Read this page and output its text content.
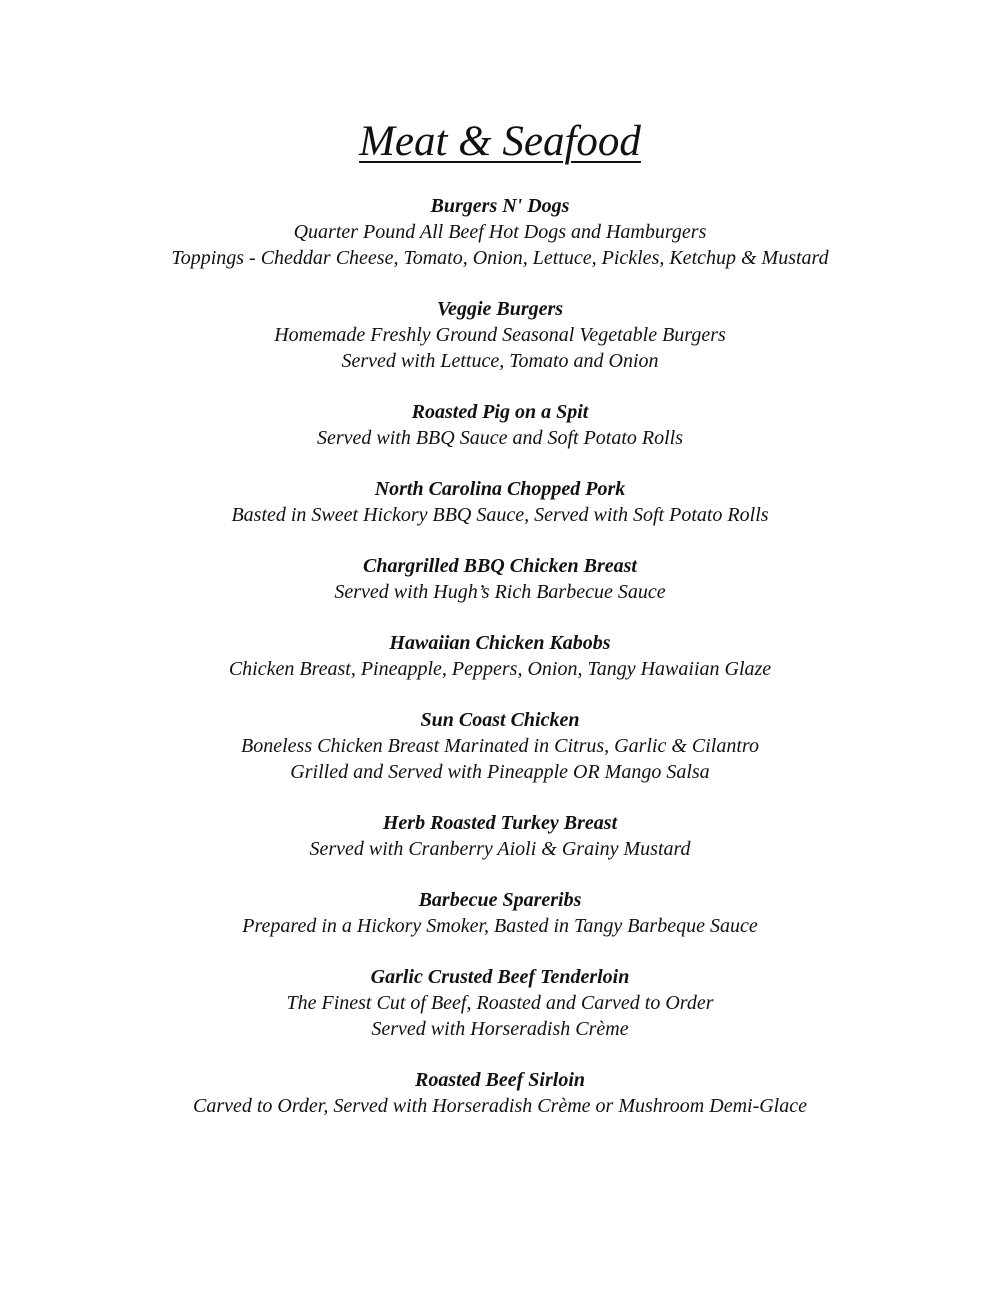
Meat & Seafood
Burgers N' Dogs
Quarter Pound All Beef Hot Dogs and Hamburgers
Toppings - Cheddar Cheese, Tomato, Onion, Lettuce, Pickles, Ketchup & Mustard
Veggie Burgers
Homemade Freshly Ground Seasonal Vegetable Burgers
Served with Lettuce, Tomato and Onion
Roasted Pig on a Spit
Served with BBQ Sauce and Soft Potato Rolls
North Carolina Chopped Pork
Basted in Sweet Hickory BBQ Sauce, Served with Soft Potato Rolls
Chargrilled BBQ Chicken Breast
Served with Hugh’s Rich Barbecue Sauce
Hawaiian Chicken Kabobs
Chicken Breast, Pineapple, Peppers, Onion, Tangy Hawaiian Glaze
Sun Coast Chicken
Boneless Chicken Breast Marinated in Citrus, Garlic & Cilantro
Grilled and Served with Pineapple OR Mango Salsa
Herb Roasted Turkey Breast
Served with Cranberry Aioli & Grainy Mustard
Barbecue Spareribs
Prepared in a Hickory Smoker, Basted in Tangy Barbeque Sauce
Garlic Crusted Beef Tenderloin
The Finest Cut of Beef, Roasted and Carved to Order
Served with Horseradish Crème
Roasted Beef Sirloin
Carved to Order, Served with Horseradish Crème or Mushroom Demi-Glace
